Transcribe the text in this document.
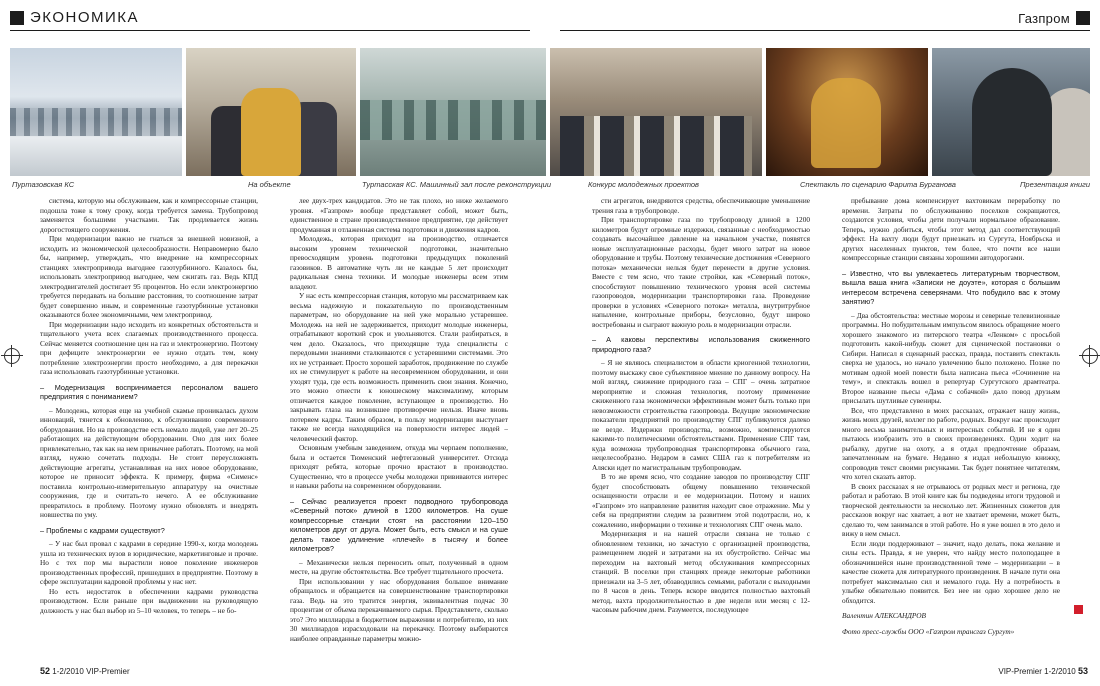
ЭКОНОМИКА	Газпром
Пуртазовская КС	На объекте	Туртасская КС. Машинный зал после реконструкции	Конкурс молодежных проектов	Спектакль по сценарию Фарита Бурганова	Презентация книги

система, которую мы обслуживаем, как и компрессорные станции, подошла тоже к тому сроку, когда требуется замена. Трубопровод заменяется большими участками. Так продлевается жизнь дорогостоящего сооружения.

При модернизации важно не гнаться за внешней новизной, а исходить из экономической целесообразности. Неправомерно было бы, например, утверждать, что внедрение на компрессорных станциях электропривода выгоднее газотурбинного. Казалось бы, использовать электропривод выгоднее, чем сжигать газ. Ведь КПД электродвигателей достигает 95 процентов. Но если электроэнергию требуется передавать на большие расстояния, то соотношение затрат будет совершенно иным, и современные газотурбинные установки оказываются более экономичными, чем электропривод.

При модернизации надо исходить из конкретных обстоятельств и тщательного учета всех слагаемых производственного процесса. Сейчас меняется соотношение цен на газ и электроэнергию. Поэтому при дефиците электроэнергии ее нужно отдать тем, кому потребление электроэнергии просто необходимо, а для перекачки газа использовать газотурбинные установки.

– Модернизация воспринимается персоналом вашего предприятия с пониманием?

– Молодежь, которая еще на учебной скамье проникалась духом инноваций, тянется к обновлению, к обслуживанию современного оборудования. Но на производстве есть немало людей, уже лет 20–25 работающих на действующем оборудовании. Оно для них более привлекательно, так как на нем привычнее работать. Поэтому, на мой взгляд, нужно сочетать подходы. Не стоит переусложнять действующие агрегаты, устанавливая на них новое оборудование, которое не приносит эффекта. К примеру, фирма «Сименс» поставила контрольно-измерительную аппаратуру на очистные сооружения, где и считать-то нечего. А ее обслуживание превратилось в проблему. Поэтому нужно обновлять и внедрять новшества по уму.

– Проблемы с кадрами существуют?

– У нас был провал с кадрами в середине 1990-х, когда молодежь ушла из технических вузов в юридические, маркетинговые и прочие. Но с тех пор мы вырастили новое поколение инженеров производственных профессий, пришедших в предприятие. Поэтому в сфере эксплуатации кадровой проблемы у нас нет.

Но есть недостаток в обеспечении кадрами руководства производством. Если раньше при выдвижении на руководящую должность у нас был выбор из 5–10 человек, то теперь – не бо-

лее двух-трех кандидатов. Это не так плохо, но ниже желаемого уровня. «Газпром» вообще представляет собой, может быть, единственное в стране производственное предприятие, где действует продуманная и отлаженная система подготовки и движения кадров.

Молодежь, которая приходит на производство, отличается высоким уровнем технической подготовки, значительно превосходящим уровень подготовки предыдущих поколений газовиков. В автоматике чуть ли не каждые 5 лет происходит радикальная смена техники. И молодые инженеры всем этим владеют.

У нас есть компрессорная станция, которую мы рассматриваем как весьма надежную и показательную по производственным параметрам, но оборудование на ней уже морально устаревшее. Молодежь на ней не задерживается, приходит молодые инженеры, отрабатывают короткий срок и увольняются. Стали разбираться, в чем дело. Оказалось, что приходящие туда специалисты с передовыми знаниями сталкиваются с устаревшими системами. Это их не устраивает. Просто хорошей заработок, продвижение по службе их не стимулирует к работе на несовременном оборудовании, и они уходят туда, где есть возможность применить свои знания. Конечно, это можно отнести к юношескому максимализму, которым отличается каждое поколение, вступающее в производство. Но закрывать глаза на возникшее противоречие нельзя. Иначе вновь потеряем кадры. Таким образом, в пользу модернизации выступает также не всегда находящийся на поверхности интерес людей – человеческий фактор.

Основным учебным заведением, откуда мы черпаем пополнение, была и остается Тюменский нефтегазовый университет. Отсюда приходят ребята, которые прочно врастают в производство. Существенно, что в процессе учебы молодежи прививаются интерес и навыки работы на современном оборудовании.

– Сейчас реализуется проект подводного трубопровода «Северный поток» длиной в 1200 километров. На суше компрессорные станции стоят на расстоянии 120–150 километров друг от друга. Может быть, есть смысл и на суше делать такое удлинение «плечей» в тысячу и более километров?

– Механически нельзя переносить опыт, полученный в одном месте, на другие обстоятельства. Все требует тщательного просчета.

При использовании у нас оборудования большое внимание обращалось и обращается на совершенствование транспортировки газа. Ведь на это тратится энергия, эквивалентная подчас 30 процентам от объема перекачиваемого сырья. Представляете, сколько это? Это миллиарды в бюджетном выражении и потребителю, из них 30 миллиардов израсходовали на перекачку. Поэтому выбираются наиболее оправданные параметры можно-

сти агрегатов, внедряются средства, обеспечивающие уменьшение трения газа в трубопроводе.

При транспортировке газа по трубопроводу длиной в 1200 километров будут огромные издержки, связанные с необходимостью создавать высочайшее давление на начальном участке, появятся новые эксплуатационные расходы, будет много затрат на новое оборудование и трубы. Поэтому технические достижения «Северного потока» механически нельзя будет перенести в другие условия. Вместе с тем ясно, что такие стройки, как «Северный поток», способствуют повышению технического уровня всей системы газопроводов, модернизации транспортировки газа. Проведение проверки в условиях «Северного потока» металла, внутритрубное напыление, контрольные приборы, безусловно, будут широко востребованы и сыграют важную роль в модернизации отрасли.

– А каковы перспективы использования сжиженного природного газа?

– Я не являюсь специалистом в области криогенной технологии, поэтому выскажу свое субъективное мнение по данному вопросу. На мой взгляд, сжижение природного газа – СПГ – очень затратное мероприятие и сложная технология, поэтому применение сжиженного газа экономически эффективным может быть только при невозможности строительства газопровода. Ведущие экономические показатели предприятий по производству СПГ публикуются далеко не везде. Издержки производства, возможно, компенсируются какими-то политическими обстоятельствами. Применение СПГ там, куда возможна трубопроводная транспортировка обычного газа, нецелесообразно. Недаром в самих США газ к потребителям из Аляски идет по магистральным трубопроводам.

В то же время ясно, что создание заводов по производству СПГ будет способствовать общему повышению технической оснащенности отрасли и ее модернизации. Потому и наших «Газпром» это направление развития находит свое отражение. Мы у себя на предприятии следим за развитием этой подотрасли, но, к сожалению, информации о технике и технологиях СПГ очень мало.

Модернизация и на нашей отрасли связана не только с обновлением техники, но зачастую с организацией производства, размещением людей и затратами на их обустройство. Сейчас мы переходим на вахтовый метод обслуживания компрессорных станций. В поселки при станциях прежде некоторые работники приезжали на 3–5 лет, обзаводились семьями, работали с выходными по 8 часов в день. Теперь вскоре вводится полностью вахтовый метод, вахта продолжительностью в две недели или месяц с 12-часовым рабочим днем. Разумеется, последующее

пребывание дома компенсирует вахтовикам переработку по времени. Затраты по обслуживанию поселков сокращаются, создаются условия, чтобы дети получали нормальное образование. Теперь, нужно добиться, чтобы этот метод дал соответствующий эффект. На вахту люди будут приезжать из Сургута, Ноябрьска и других населенных пунктов, тем более, что почти все наши компрессорные станции связаны хорошими автодорогами.

– Известно, что вы увлекаетесь литературным творчеством, вышла ваша книга «Записки не доуэте», которая с большим интересом встречена северянами. Что побудило вас к этому занятию?

– Два обстоятельства: местные морозы и северные телевизионные программы. Но побудительным импульсом явилось обращение моего хорошего знакомого из питерского театра «Ленком» с просьбой подготовить какой-нибудь сюжет для сценической постановки о Сибири. Написал я сценарный рассказ, правда, поставить спектакль сверха не удалось, но начало увлечению было положено. Позже по мотивам одной моей повести была написана пьеса «Сочинение на тему», и спектакль вошел в репертуар Сургутского драмтеатра. Второе название пьесы «Дама с собачкой» дало повод друзьям присылать шутливые сувениры.

Все, что представлено в моих рассказах, отражает нашу жизнь, жизнь моих друзей, коллег по работе, родных. Вокруг нас происходит много весьма занимательных и интересных событий. И не я один пытаюсь изобразить это в своих произведениях. Один ходит на рыбалку, другие на охоту, а я отдал предпочтение образам, запечатленным на бумаге. Недавно я издал небольшую книжку, сопроводив текст своими рисунками. Так будет понятнее читателям, что хотел сказать автор.

В своих рассказах я не отрываюсь от родных мест и региона, где работал и работаю. В этой книге как бы подведены итоги трудовой и творческой деятельности за несколько лет. Жизненных сюжетов для рассказов вокруг нас хватает, а вот не хватает времени, может быть, сделаю то, чем занимался в этой работе. Но я уже вошел в это дело и вижу в нем смысл.

Если люди поддерживают – значит, надо делать, пока желание и силы есть. Правда, я не уверен, что найду место полоподащее в обозначившейся ныне производственной теме – модернизации – в качестве сюжета для литературного произведения. В начале пути она потребует максимально сил и немалого года. Ну а потребность в улыбке обязательно появится. Без нее ни одно хорошее дело не обходится.

Валентин АЛЕКСАНДРОВ

Фото пресс-службы ООО «Газпром трансгаз Сургут»

52 1-2/2010 VIP-Premier	VIP-Premier 1-2/2010 53
